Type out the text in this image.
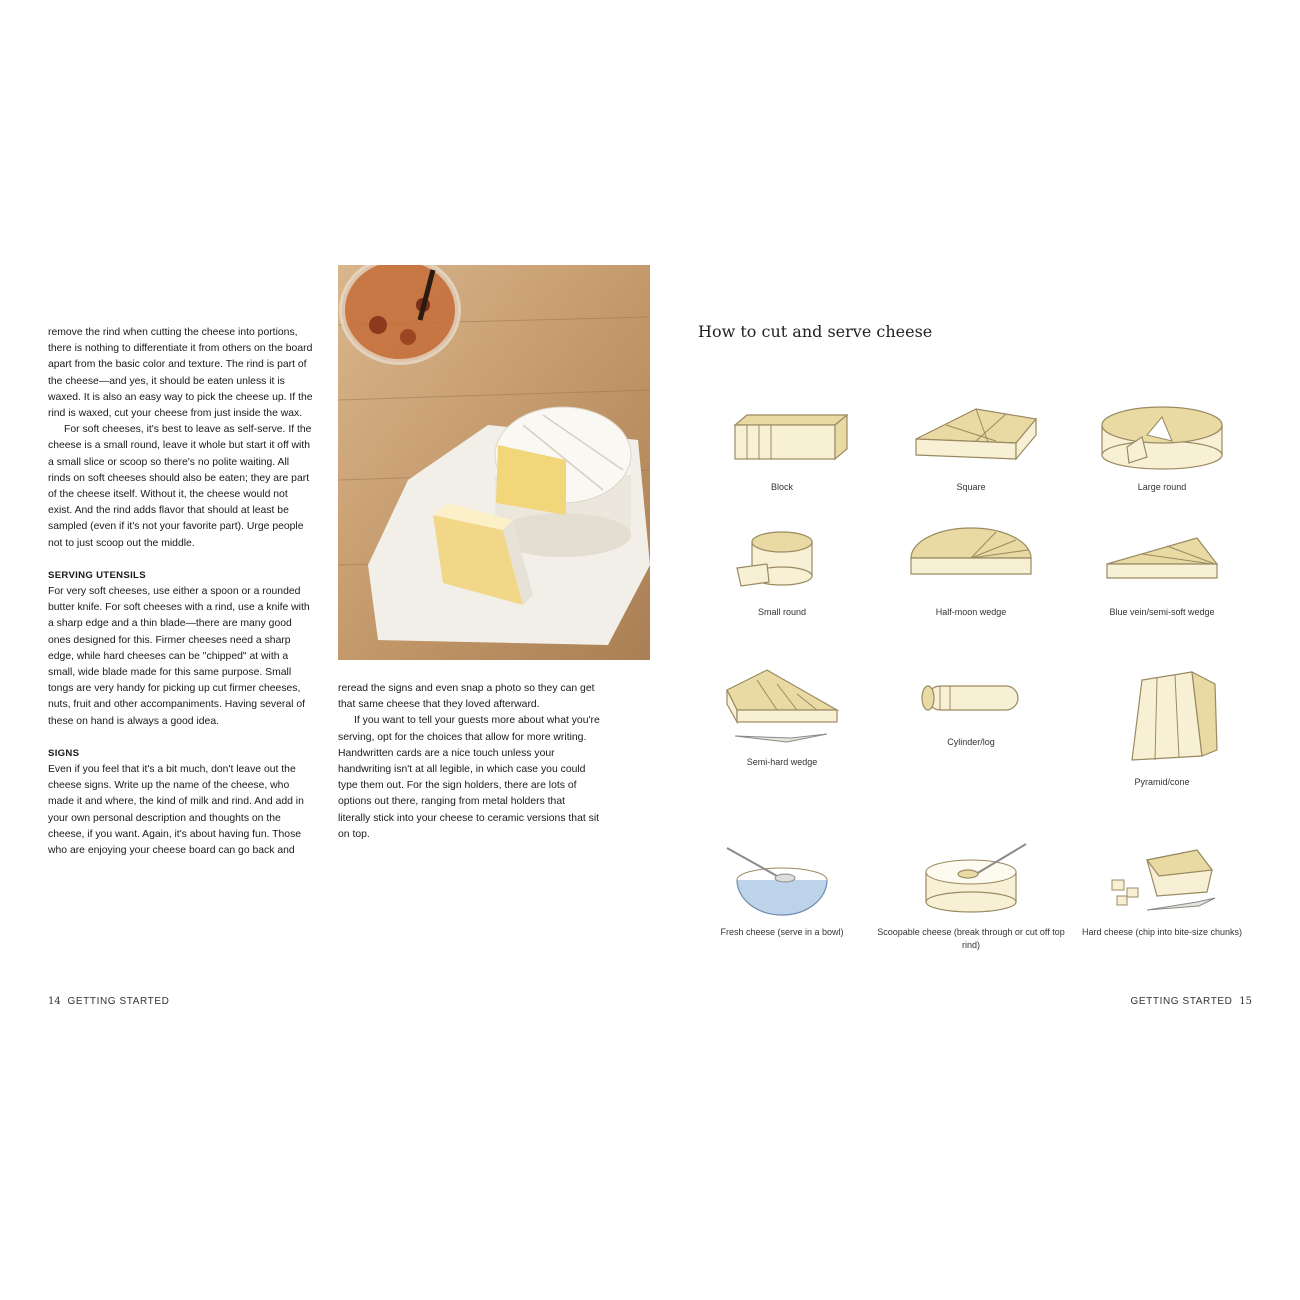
remove the rind when cutting the cheese into portions, there is nothing to differentiate it from others on the board apart from the basic color and texture. The rind is part of the cheese—and yes, it should be eaten unless it is waxed. It is also an easy way to pick the cheese up. If the rind is waxed, cut your cheese from just inside the wax.

For soft cheeses, it's best to leave as self-serve. If the cheese is a small round, leave it whole but start it off with a small slice or scoop so there's no polite waiting. All rinds on soft cheeses should also be eaten; they are part of the cheese itself. Without it, the cheese would not exist. And the rind adds flavor that should at least be sampled (even if it's not your favorite part). Urge people not to just scoop out the middle.

SERVING UTENSILS

For very soft cheeses, use either a spoon or a rounded butter knife. For soft cheeses with a rind, use a knife with a sharp edge and a thin blade—there are many good ones designed for this. Firmer cheeses need a sharp edge, while hard cheeses can be "chipped" at with a small, wide blade made for this same purpose. Small tongs are very handy for picking up cut firmer cheeses, nuts, fruit and other accompaniments. Having several of these on hand is always a good idea.

SIGNS

Even if you feel that it's a bit much, don't leave out the cheese signs. Write up the name of the cheese, who made it and where, the kind of milk and rind. And add in your own personal description and thoughts on the cheese, if you want. Again, it's about having fun. Those who are enjoying your cheese board can go back and

reread the signs and even snap a photo so they can get that same cheese that they loved afterward.

If you want to tell your guests more about what you're serving, opt for the choices that allow for more writing. Handwritten cards are a nice touch unless your handwriting isn't at all legible, in which case you could type them out. For the sign holders, there are lots of options out there, ranging from metal holders that literally stick into your cheese to ceramic versions that sit on top.

14 GETTING STARTED
How to cut and serve cheese
Block	Square	Large round
Small round	Half-moon wedge	Blue vein/semi-soft wedge
Semi-hard wedge
Cylinder/log
Pyramid/cone
Fresh cheese (serve in a bowl)	Scoopable cheese (break through or cut off top rind)
Hard cheese (chip into bite-size chunks)
GETTING STARTED 15
